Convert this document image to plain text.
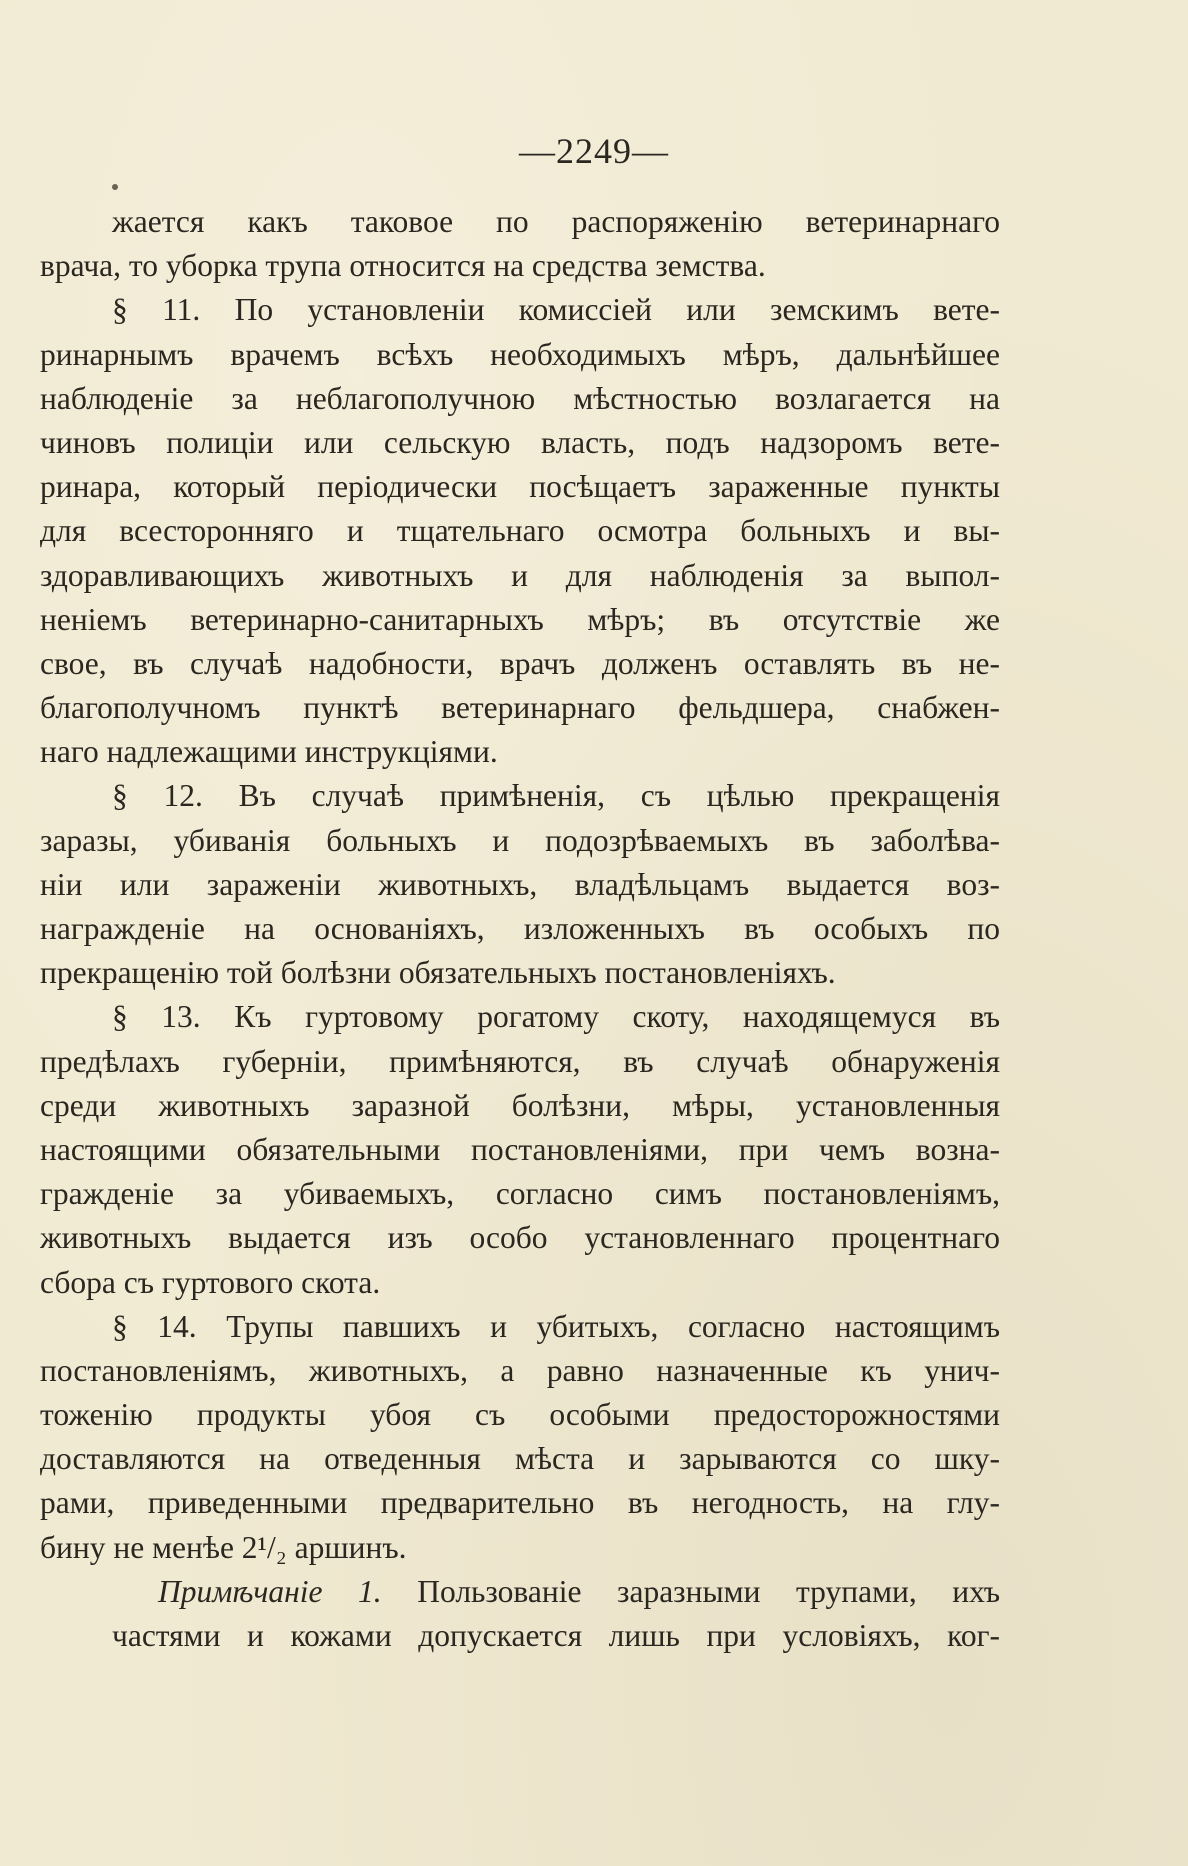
—2249—
жается какъ таковое по распоряженію ветеринарнаго
врача, то уборка трупа относится на средства земства.
§ 11. По установленіи комиссіей или земскимъ вете-
ринарнымъ врачемъ всѣхъ необходимыхъ мѣръ, дальнѣйшее
наблюденіе за неблагополучною мѣстностью возлагается на
чиновъ полиціи или сельскую власть, подъ надзоромъ вете-
ринара, который періодически посѣщаетъ зараженные пункты
для всесторонняго и тщательнаго осмотра больныхъ и вы-
здоравливающихъ животныхъ и для наблюденія за выпол-
неніемъ ветеринарно-санитарныхъ мѣръ; въ отсутствіе же
свое, въ случаѣ надобности, врачъ долженъ оставлять въ не-
благополучномъ пунктѣ ветеринарнаго фельдшера, снабжен-
наго надлежащими инструкціями.
§ 12. Въ случаѣ примѣненія, съ цѣлью прекращенія
заразы, убиванія больныхъ и подозрѣваемыхъ въ заболѣва-
ніи или зараженіи животныхъ, владѣльцамъ выдается воз-
награжденіе на основаніяхъ, изложенныхъ въ особыхъ по
прекращенію той болѣзни обязательныхъ постановленіяхъ.
§ 13. Къ гуртовому рогатому скоту, находящемуся въ
предѣлахъ губерніи, примѣняются, въ случаѣ обнаруженія
среди животныхъ заразной болѣзни, мѣры, установленныя
настоящими обязательными постановленіями, при чемъ возна-
гражденіе за убиваемыхъ, согласно симъ постановленіямъ,
животныхъ выдается изъ особо установленнаго процентнаго
сбора съ гуртового скота.
§ 14. Трупы павшихъ и убитыхъ, согласно настоящимъ
постановленіямъ, животныхъ, а равно назначенные къ унич-
тоженію продукты убоя съ особыми предосторожностями
доставляются на отведенныя мѣста и зарываются со шку-
рами, приведенными предварительно въ негодность, на глу-
бину не менѣе 2¹/₂ аршинъ.
Примѣчаніе 1. Пользованіе заразными трупами, ихъ
частями и кожами допускается лишь при условіяхъ, ког-
